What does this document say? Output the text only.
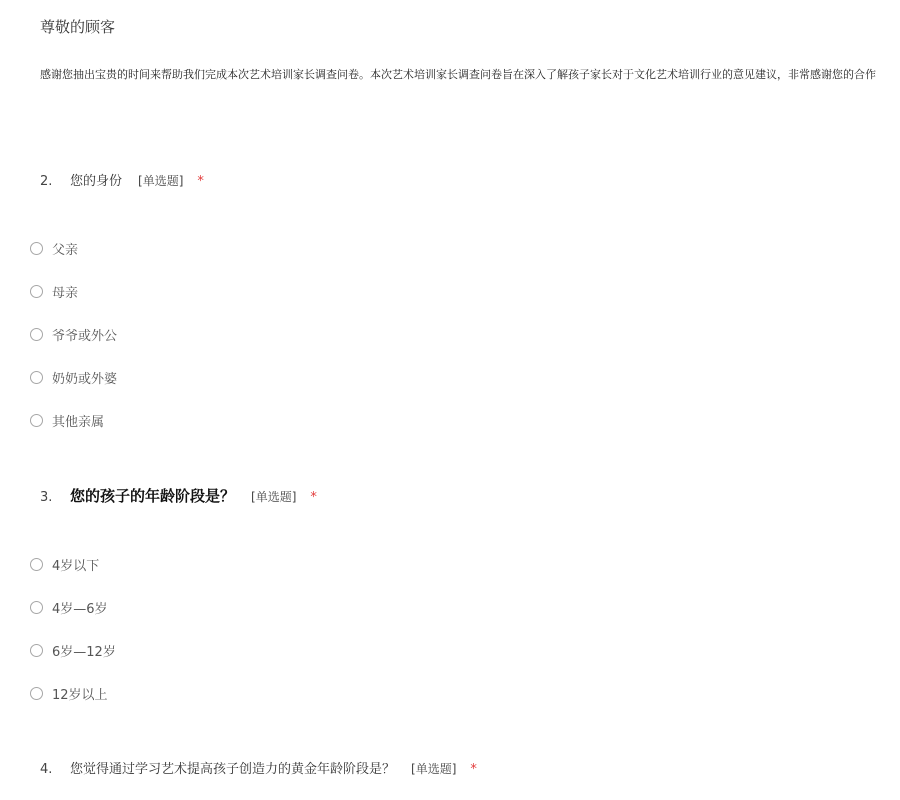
尊敬的顾客
感谢您抽出宝贵的时间来帮助我们完成本次艺术培训家长调查问卷。本次艺术培训家长调查问卷旨在深入了解孩子家长对于文化艺术培训行业的意见建议，非常感谢您的合作
2.	您的身份 [单选题] *
父亲
母亲
爷爷或外公
奶奶或外婆
其他亲属
3.	您的孩子的年龄阶段是？ [单选题] *
4岁以下
4岁—6岁
6岁—12岁
12岁以上
4.	您觉得通过学习艺术提高孩子创造力的黄金年龄阶段是？ [单选题] *
